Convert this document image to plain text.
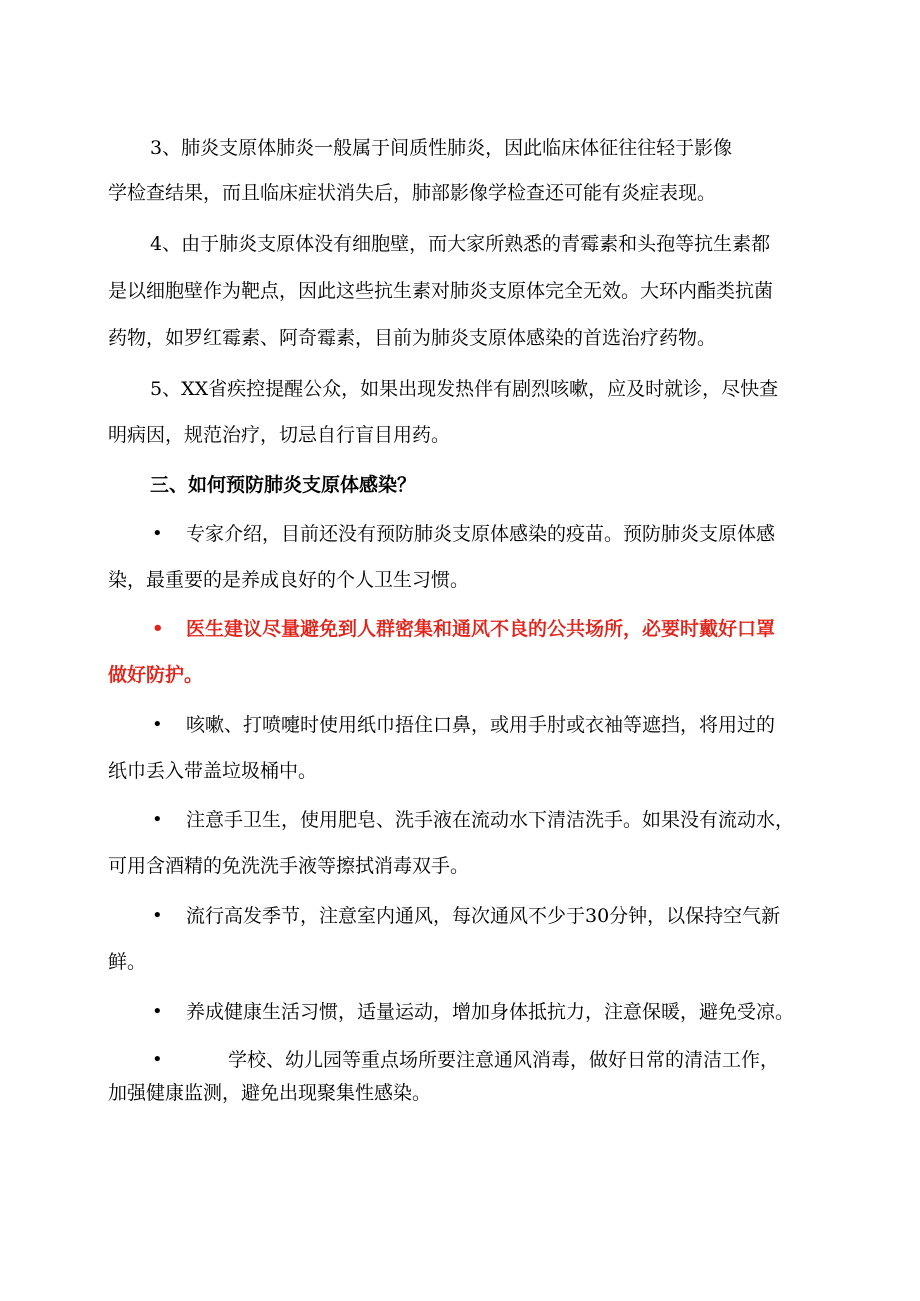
3、肺炎支原体肺炎一般属于间质性肺炎，因此临床体征往往轻于影像
学检查结果，而且临床症状消失后，肺部影像学检查还可能有炎症表现。
4、由于肺炎支原体没有细胞壁，而大家所熟悉的青霉素和头孢等抗生素都
是以细胞壁作为靶点，因此这些抗生素对肺炎支原体完全无效。大环内酯类抗菌
药物，如罗红霉素、阿奇霉素，目前为肺炎支原体感染的首选治疗药物。
5、XX省疾控提醒公众，如果出现发热伴有剧烈咳嗽，应及时就诊，尽快查
明病因，规范治疗，切忌自行盲目用药。
三、如何预防肺炎支原体感染？
• 专家介绍，目前还没有预防肺炎支原体感染的疫苗。预防肺炎支原体感
染，最重要的是养成良好的个人卫生习惯。
• 医生建议尽量避免到人群密集和通风不良的公共场所，必要时戴好口罩
做好防护。
• 咳嗽、打喷嚏时使用纸巾捂住口鼻，或用手肘或衣袖等遮挡，将用过的
纸巾丢入带盖垃圾桶中。
• 注意手卫生，使用肥皂、洗手液在流动水下清洁洗手。如果没有流动水，
可用含酒精的免洗洗手液等擦拭消毒双手。
• 流行高发季节，注意室内通风，每次通风不少于30分钟，以保持空气新
鲜。
• 养成健康生活习惯，适量运动，增加身体抵抗力，注意保暖，避免受凉。
•	学校、幼儿园等重点场所要注意通风消毒，做好日常的清洁工作，
加强健康监测，避免出现聚集性感染。
